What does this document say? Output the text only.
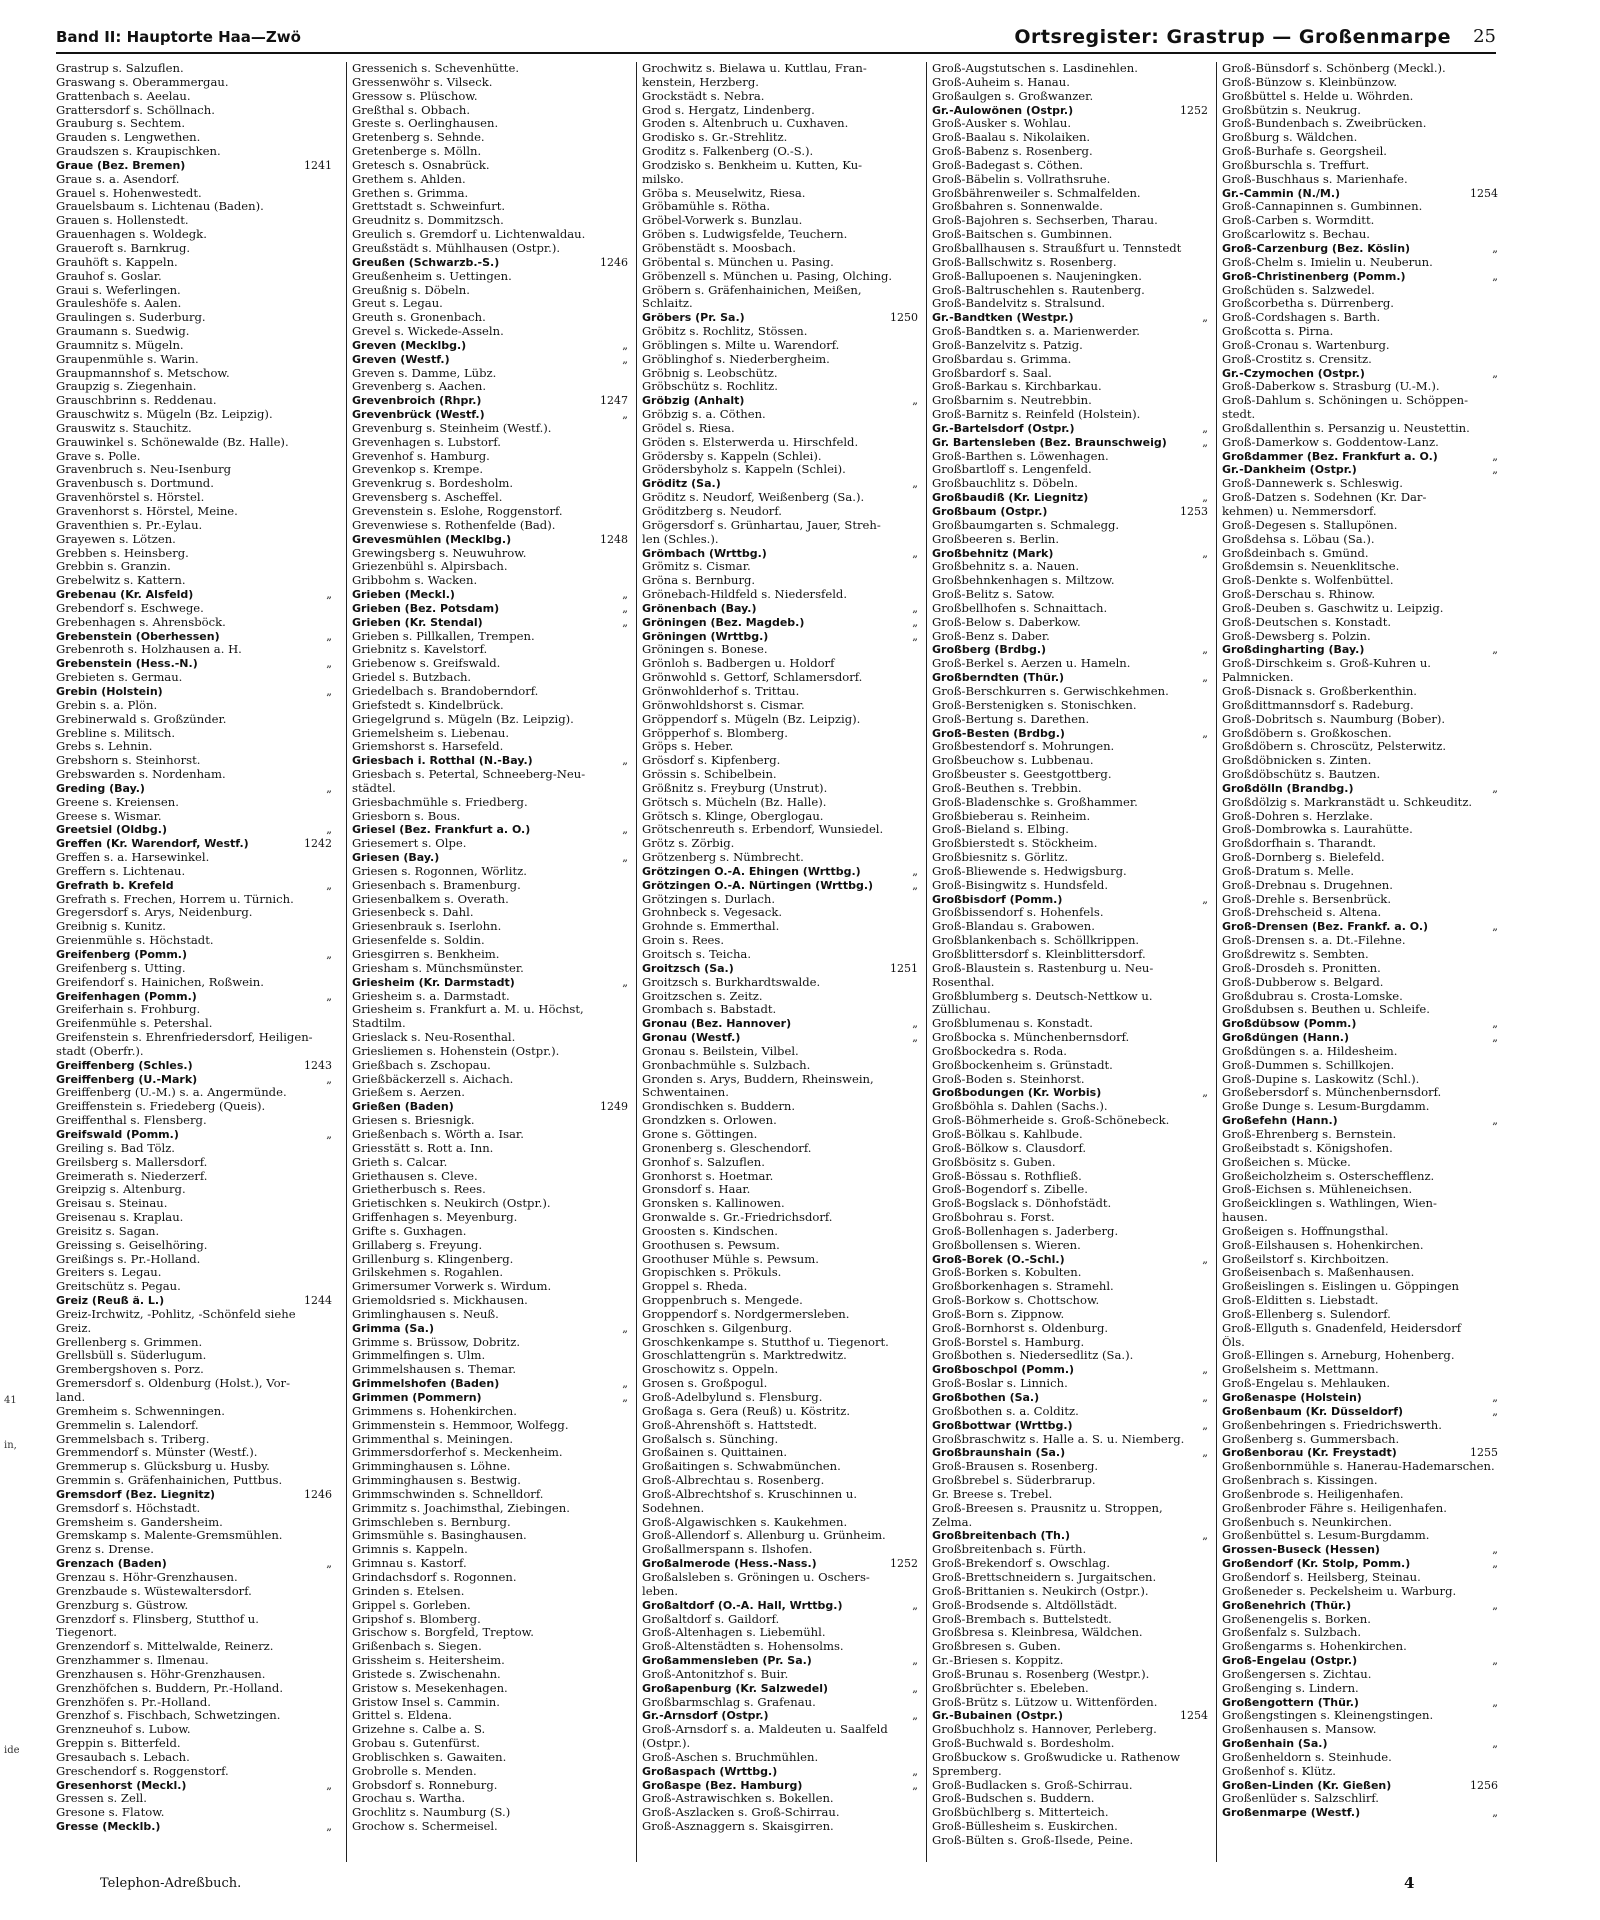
Band II: Hauptorte Haa—Zwö	Ortsregister: Grastrup — Großenmarpe 25
41
in,
ide
Grastrup s. Salzuflen.
Graswang s. Oberammergau.
Grattenbach s. Aeelau.
Grattersdorf s. Schöllnach.
Grauburg s. Sechtem.
Grauden s. Lengwethen.
Graudszen s. Kraupischken.
1241
Graue (Bez. Bremen)
Graue s. a. Asendorf.
Grauel s. Hohenwestedt.
Grauelsbaum s. Lichtenau (Baden).
Grauen s. Hollenstedt.
Grauenhagen s. Woldegk.
Graueroft s. Barnkrug.
Grauhöft s. Kappeln.
Grauhof s. Goslar.
Graui s. Weferlingen.
Grauleshöfe s. Aalen.
Graulingen s. Suderburg.
Graumann s. Suedwig.
Graumnitz s. Mügeln.
Graupenmühle s. Warin.
Graupmannshof s. Metschow.
Graupzig s. Ziegenhain.
Grauschbrinn s. Reddenau.
Grauschwitz s. Mügeln (Bz. Leipzig).
Grauswitz s. Stauchitz.
Grauwinkel s. Schönewalde (Bz. Halle).
Grave s. Polle.
Gravenbruch s. Neu-Isenburg
Gravenbusch s. Dortmund.
Gravenhörstel s. Hörstel.
Gravenhorst s. Hörstel, Meine.
Graventhien s. Pr.-Eylau.
Grayewen s. Lötzen.
Grebben s. Heinsberg.
Grebbin s. Granzin.
Grebelwitz s. Kattern.
„
Grebenau (Kr. Alsfeld)
Grebendorf s. Eschwege.
Grebenhagen s. Ahrensböck.
„
Grebenstein (Oberhessen)
Grebenroth s. Holzhausen a. H.
„
Grebenstein (Hess.-N.)
Grebieten s. Germau.
„
Grebin (Holstein)
Grebin s. a. Plön.
Grebinerwald s. Großzünder.
Grebline s. Militsch.
Grebs s. Lehnin.
Grebshorn s. Steinhorst.
Grebswarden s. Nordenham.
„
Greding (Bay.)
Greene s. Kreiensen.
Greese s. Wismar.
„
Greetsiel (Oldbg.)
1242
Greffen (Kr. Warendorf, Westf.)
Greffen s. a. Harsewinkel.
Greffern s. Lichtenau.
„
Grefrath b. Krefeld
Grefrath s. Frechen, Horrem u. Türnich.
Gregersdorf s. Arys, Neidenburg.
Greibnig s. Kunitz.
Greienmühle s. Höchstadt.
„
Greifenberg (Pomm.)
Greifenberg s. Utting.
Greifendorf s. Hainichen, Roßwein.
„
Greifenhagen (Pomm.)
Greiferhain s. Frohburg.
Greifenmühle s. Petershal.
Greifenstein s. Ehrenfriedersdorf, Heiligen-
stadt (Oberfr.).
1243
Greiffenberg (Schles.)
„
Greiffenberg (U.-Mark)
Greiffenberg (U.-M.) s. a. Angermünde.
Greiffenstein s. Friedeberg (Queis).
Greiffenthal s. Flensberg.
„
Greifswald (Pomm.)
Greiling s. Bad Tölz.
Greilsberg s. Mallersdorf.
Greimerath s. Niederzerf.
Greipzig s. Altenburg.
Greisau s. Steinau.
Greisenau s. Kraplau.
Greisitz s. Sagan.
Greissing s. Geiselhöring.
Greißings s. Pr.-Holland.
Greiters s. Legau.
Greitschütz s. Pegau.
1244
Greiz (Reuß ä. L.)
Greiz-Irchwitz, -Pohlitz, -Schönfeld siehe
Greiz.
Grellenberg s. Grimmen.
Grellsbüll s. Süderlugum.
Grembergshoven s. Porz.
Gremersdorf s. Oldenburg (Holst.), Vor-
land.
Gremheim s. Schwenningen.
Gremmelin s. Lalendorf.
Gremmelsbach s. Triberg.
Gremmendorf s. Münster (Westf.).
Gremmerup s. Glücksburg u. Husby.
Gremmin s. Gräfenhainichen, Puttbus.
1246
Gremsdorf (Bez. Liegnitz)
Gremsdorf s. Höchstadt.
Gremsheim s. Gandersheim.
Gremskamp s. Malente-Gremsmühlen.
Grenz s. Drense.
„
Grenzach (Baden)
Grenzau s. Höhr-Grenzhausen.
Grenzbaude s. Wüstewaltersdorf.
Grenzburg s. Güstrow.
Grenzdorf s. Flinsberg, Stutthof u.
Tiegenort.
Grenzendorf s. Mittelwalde, Reinerz.
Grenzhammer s. Ilmenau.
Grenzhausen s. Höhr-Grenzhausen.
Grenzhöfchen s. Buddern, Pr.-Holland.
Grenzhöfen s. Pr.-Holland.
Grenzhof s. Fischbach, Schwetzingen.
Grenzneuhof s. Lubow.
Greppin s. Bitterfeld.
Gresaubach s. Lebach.
Greschendorf s. Roggenstorf.
„
Gresenhorst (Meckl.)
Gressen s. Zell.
Gresone s. Flatow.
„
Gresse (Mecklb.)
Gressenich s. Schevenhütte.
Gressenwöhr s. Vilseck.
Gressow s. Plüschow.
Greßthal s. Obbach.
Greste s. Oerlinghausen.
Gretenberg s. Sehnde.
Gretenberge s. Mölln.
Gretesch s. Osnabrück.
Grethem s. Ahlden.
Grethen s. Grimma.
Grettstadt s. Schweinfurt.
Greudnitz s. Dommitzsch.
Greulich s. Gremdorf u. Lichtenwaldau.
Greußstädt s. Mühlhausen (Ostpr.).
1246
Greußen (Schwarzb.-S.)
Greußenheim s. Uettingen.
Greußnig s. Döbeln.
Greut s. Legau.
Greuth s. Gronenbach.
Grevel s. Wickede-Asseln.
„
Greven (Mecklbg.)
„
Greven (Westf.)
Greven s. Damme, Lübz.
Grevenberg s. Aachen.
1247
Grevenbroich (Rhpr.)
„
Grevenbrück (Westf.)
Grevenburg s. Steinheim (Westf.).
Grevenhagen s. Lubstorf.
Grevenhof s. Hamburg.
Grevenkop s. Krempe.
Grevenkrug s. Bordesholm.
Grevensberg s. Ascheffel.
Grevenstein s. Eslohe, Roggenstorf.
Grevenwiese s. Rothenfelde (Bad).
1248
Grevesmühlen (Mecklbg.)
Grewingsberg s. Neuwuhrow.
Griezenbühl s. Alpirsbach.
Gribbohm s. Wacken.
„
Grieben (Meckl.)
„
Grieben (Bez. Potsdam)
„
Grieben (Kr. Stendal)
Grieben s. Pillkallen, Trempen.
Griebnitz s. Kavelstorf.
Griebenow s. Greifswald.
Griedel s. Butzbach.
Griedelbach s. Brandoberndorf.
Griefstedt s. Kindelbrück.
Griegelgrund s. Mügeln (Bz. Leipzig).
Griemelsheim s. Liebenau.
Griemshorst s. Harsefeld.
„
Griesbach i. Rotthal (N.-Bay.)
Griesbach s. Petertal, Schneeberg-Neu-
städtel.
Griesbachmühle s. Friedberg.
Griesborn s. Bous.
„
Griesel (Bez. Frankfurt a. O.)
Griesemert s. Olpe.
„
Griesen (Bay.)
Griesen s. Rogonnen, Wörlitz.
Griesenbach s. Bramenburg.
Griesenbalkem s. Overath.
Griesenbeck s. Dahl.
Griesenbrauk s. Iserlohn.
Griesenfelde s. Soldin.
Griesgirren s. Benkheim.
Griesham s. Münchsmünster.
„
Griesheim (Kr. Darmstadt)
Griesheim s. a. Darmstadt.
Griesheim s. Frankfurt a. M. u. Höchst,
Stadtilm.
Grieslack s. Neu-Rosenthal.
Griesliemen s. Hohenstein (Ostpr.).
Grießbach s. Zschopau.
Grießbäckerzell s. Aichach.
Grießem s. Aerzen.
1249
Grießen (Baden)
Griesen s. Briesnigk.
Grießenbach s. Wörth a. Isar.
Griesstätt s. Rott a. Inn.
Grieth s. Calcar.
Griethausen s. Cleve.
Grietherbusch s. Rees.
Grietischken s. Neukirch (Ostpr.).
Griffenhagen s. Meyenburg.
Grifte s. Guxhagen.
Grillaberg s. Freyung.
Grillenburg s. Klingenberg.
Grilskehmen s. Rogahlen.
Grimersumer Vorwerk s. Wirdum.
Griemoldsried s. Mickhausen.
Grimlinghausen s. Neuß.
„
Grimma (Sa.)
Grimme s. Brüssow, Dobritz.
Grimmelfingen s. Ulm.
Grimmelshausen s. Themar.
„
Grimmelshofen (Baden)
„
Grimmen (Pommern)
Grimmens s. Hohenkirchen.
Grimmenstein s. Hemmoor, Wolfegg.
Grimmenthal s. Meiningen.
Grimmersdorferhof s. Meckenheim.
Grimminghausen s. Löhne.
Grimminghausen s. Bestwig.
Grimmschwinden s. Schnelldorf.
Grimmitz s. Joachimsthal, Ziebingen.
Grimschleben s. Bernburg.
Grimsmühle s. Basinghausen.
Grimnis s. Kappeln.
Grimnau s. Kastorf.
Grindachsdorf s. Rogonnen.
Grinden s. Etelsen.
Grippel s. Gorleben.
Gripshof s. Blomberg.
Grischow s. Borgfeld, Treptow.
Grißenbach s. Siegen.
Grissheim s. Heitersheim.
Gristede s. Zwischenahn.
Gristow s. Mesekenhagen.
Gristow Insel s. Cammin.
Grittel s. Eldena.
Grizehne s. Calbe a. S.
Grobau s. Gutenfürst.
Groblischken s. Gawaiten.
Grobrolle s. Menden.
Grobsdorf s. Ronneburg.
Grochau s. Wartha.
Grochlitz s. Naumburg (S.)
Grochow s. Schermeisel.
Grochwitz s. Bielawa u. Kuttlau, Fran-
kenstein, Herzberg.
Grockstädt s. Nebra.
Grod s. Hergatz, Lindenberg.
Groden s. Altenbruch u. Cuxhaven.
Grodisko s. Gr.-Strehlitz.
Groditz s. Falkenberg (O.-S.).
Grodzisko s. Benkheim u. Kutten, Ku-
milsko.
Gröba s. Meuselwitz, Riesa.
Gröbamühle s. Rötha.
Gröbel-Vorwerk s. Bunzlau.
Gröben s. Ludwigsfelde, Teuchern.
Gröbenstädt s. Moosbach.
Gröbental s. München u. Pasing.
Gröbenzell s. München u. Pasing, Olching.
Gröbern s. Gräfenhainichen, Meißen,
Schlaitz.
1250
Gröbers (Pr. Sa.)
Gröbitz s. Rochlitz, Stössen.
Gröblingen s. Milte u. Warendorf.
Gröblinghof s. Niederbergheim.
Gröbnig s. Leobschütz.
Gröbschütz s. Rochlitz.
„
Gröbzig (Anhalt)
Gröbzig s. a. Cöthen.
Grödel s. Riesa.
Gröden s. Elsterwerda u. Hirschfeld.
Grödersby s. Kappeln (Schlei).
Grödersbyholz s. Kappeln (Schlei).
„
Gröditz (Sa.)
Gröditz s. Neudorf, Weißenberg (Sa.).
Gröditzberg s. Neudorf.
Grögersdorf s. Grünhartau, Jauer, Streh-
len (Schles.).
„
Grömbach (Wrttbg.)
Grömitz s. Cismar.
Gröna s. Bernburg.
Grönebach-Hildfeld s. Niedersfeld.
„
Grönenbach (Bay.)
„
Gröningen (Bez. Magdeb.)
„
Gröningen (Wrttbg.)
Gröningen s. Bonese.
Grönloh s. Badbergen u. Holdorf
Grönwohld s. Gettorf, Schlamersdorf.
Grönwohlderhof s. Trittau.
Grönwohldshorst s. Cismar.
Gröppendorf s. Mügeln (Bz. Leipzig).
Gröpperhof s. Blomberg.
Gröps s. Heber.
Grösdorf s. Kipfenberg.
Grössin s. Schibelbein.
Größnitz s. Freyburg (Unstrut).
Grötsch s. Mücheln (Bz. Halle).
Grötsch s. Klinge, Oberglogau.
Grötschenreuth s. Erbendorf, Wunsiedel.
Grötz s. Zörbig.
Grötzenberg s. Nümbrecht.
„
Grötzingen O.-A. Ehingen (Wrttbg.)
„
Grötzingen O.-A. Nürtingen (Wrttbg.)
Grötzingen s. Durlach.
Grohnbeck s. Vegesack.
Grohnde s. Emmerthal.
Groin s. Rees.
Groitsch s. Teicha.
1251
Groitzsch (Sa.)
Groitzsch s. Burkhardtswalde.
Groitzschen s. Zeitz.
Grombach s. Babstadt.
„
Gronau (Bez. Hannover)
„
Gronau (Westf.)
Gronau s. Beilstein, Vilbel.
Gronbachmühle s. Sulzbach.
Gronden s. Arys, Buddern, Rheinswein,
Schwentainen.
Grondischken s. Buddern.
Grondzken s. Orlowen.
Grone s. Göttingen.
Gronenberg s. Gleschendorf.
Gronhof s. Salzuflen.
Gronhorst s. Hoetmar.
Gronsdorf s. Haar.
Gronsken s. Kallinowen.
Gronwalde s. Gr.-Friedrichsdorf.
Groosten s. Kindschen.
Groothusen s. Pewsum.
Groothuser Mühle s. Pewsum.
Gropischken s. Prökuls.
Groppel s. Rheda.
Groppenbruch s. Mengede.
Groppendorf s. Nordgermersleben.
Groschken s. Gilgenburg.
Groschkenkampe s. Stutthof u. Tiegenort.
Groschlattengrün s. Marktredwitz.
Groschowitz s. Oppeln.
Grosen s. Großpogul.
Groß-Adelbylund s. Flensburg.
Großaga s. Gera (Reuß) u. Köstritz.
Groß-Ahrenshöft s. Hattstedt.
Großalsch s. Sünching.
Großainen s. Quittainen.
Großaitingen s. Schwabmünchen.
Groß-Albrechtau s. Rosenberg.
Groß-Albrechtshof s. Kruschinnen u.
Sodehnen.
Groß-Algawischken s. Kaukehmen.
Groß-Allendorf s. Allenburg u. Grünheim.
Großallmerspann s. Ilshofen.
1252
Großalmerode (Hess.-Nass.)
Großalsleben s. Gröningen u. Oschers-
leben.
„
Großaltdorf (O.-A. Hall, Wrttbg.)
Großaltdorf s. Gaildorf.
Groß-Altenhagen s. Liebemühl.
Groß-Altenstädten s. Hohensolms.
„
Großammensleben (Pr. Sa.)
Groß-Antonitzhof s. Buir.
„
Großapenburg (Kr. Salzwedel)
Großbarmschlag s. Grafenau.
„
Gr.-Arnsdorf (Ostpr.)
Groß-Arnsdorf s. a. Maldeuten u. Saalfeld
(Ostpr.).
Groß-Aschen s. Bruchmühlen.
„
Großaspach (Wrttbg.)
„
Großaspe (Bez. Hamburg)
Groß-Astrawischken s. Bokellen.
Groß-Aszlacken s. Groß-Schirrau.
Groß-Asznaggern s. Skaisgirren.
Groß-Augstutschen s. Lasdinehlen.
Groß-Auheim s. Hanau.
Großaulgen s. Großwanzer.
1252
Gr.-Aulowönen (Ostpr.)
Groß-Ausker s. Wohlau.
Groß-Baalau s. Nikolaiken.
Groß-Babenz s. Rosenberg.
Groß-Badegast s. Cöthen.
Groß-Bäbelin s. Vollrathsruhe.
Großbährenweiler s. Schmalfelden.
Großbahren s. Sonnenwalde.
Groß-Bajohren s. Sechserben, Tharau.
Groß-Baitschen s. Gumbinnen.
Großballhausen s. Straußfurt u. Tennstedt
Groß-Ballschwitz s. Rosenberg.
Groß-Ballupoenen s. Naujeningken.
Groß-Baltruschehlen s. Rautenberg.
Groß-Bandelvitz s. Stralsund.
„
Gr.-Bandtken (Westpr.)
Groß-Bandtken s. a. Marienwerder.
Groß-Banzelvitz s. Patzig.
Großbardau s. Grimma.
Großbardorf s. Saal.
Groß-Barkau s. Kirchbarkau.
Großbarnim s. Neutrebbin.
Groß-Barnitz s. Reinfeld (Holstein).
„
Gr.-Bartelsdorf (Ostpr.)
„
Gr. Bartensleben (Bez. Braunschweig)
Groß-Barthen s. Löwenhagen.
Großbartloff s. Lengenfeld.
Großbauchlitz s. Döbeln.
„
Großbaudiß (Kr. Liegnitz)
1253
Großbaum (Ostpr.)
Großbaumgarten s. Schmalegg.
Großbeeren s. Berlin.
„
Großbehnitz (Mark)
Großbehnitz s. a. Nauen.
Großbehnkenhagen s. Miltzow.
Groß-Belitz s. Satow.
Großbellhofen s. Schnaittach.
Groß-Below s. Daberkow.
Groß-Benz s. Daber.
„
Großberg (Brdbg.)
Groß-Berkel s. Aerzen u. Hameln.
„
Großberndten (Thür.)
Groß-Berschkurren s. Gerwischkehmen.
Groß-Berstenigken s. Stonischken.
Groß-Bertung s. Darethen.
„
Groß-Besten (Brdbg.)
Großbestendorf s. Mohrungen.
Großbeuchow s. Lubbenau.
Großbeuster s. Geestgottberg.
Groß-Beuthen s. Trebbin.
Groß-Bladenschke s. Großhammer.
Großbieberau s. Reinheim.
Groß-Bieland s. Elbing.
Großbierstedt s. Stöckheim.
Großbiesnitz s. Görlitz.
Groß-Bliewende s. Hedwigsburg.
Groß-Bisingwitz s. Hundsfeld.
„
Großbisdorf (Pomm.)
Großbissendorf s. Hohenfels.
Groß-Blandau s. Grabowen.
Großblankenbach s. Schöllkrippen.
Großblittersdorf s. Kleinblittersdorf.
Groß-Blaustein s. Rastenburg u. Neu-
Rosenthal.
Großblumberg s. Deutsch-Nettkow u.
Züllichau.
Großblumenau s. Konstadt.
Großbocka s. Münchenbernsdorf.
Großbockedra s. Roda.
Großbockenheim s. Grünstadt.
Groß-Boden s. Steinhorst.
„
Großbodungen (Kr. Worbis)
Großböhla s. Dahlen (Sachs.).
Groß-Böhmerheide s. Groß-Schönebeck.
Groß-Bölkau s. Kahlbude.
Groß-Bölkow s. Clausdorf.
Großbösitz s. Guben.
Groß-Bössau s. Rothfließ.
Groß-Bogendorf s. Zibelle.
Groß-Bogslack s. Dönhofstädt.
Großbohrau s. Forst.
Groß-Bollenhagen s. Jaderberg.
Großbollensen s. Wieren.
„
Groß-Borek (O.-Schl.)
Groß-Borken s. Kobulten.
Großborkenhagen s. Stramehl.
Groß-Borkow s. Chottschow.
Groß-Born s. Zippnow.
Groß-Bornhorst s. Oldenburg.
Groß-Borstel s. Hamburg.
Großbothen s. Niedersedlitz (Sa.).
„
Großboschpol (Pomm.)
Groß-Boslar s. Linnich.
„
Großbothen (Sa.)
Großbothen s. a. Colditz.
„
Großbottwar (Wrttbg.)
Großbraschwitz s. Halle a. S. u. Niemberg.
„
Großbraunshain (Sa.)
Groß-Brausen s. Rosenberg.
Großbrebel s. Süderbrarup.
Gr. Breese s. Trebel.
Groß-Breesen s. Prausnitz u. Stroppen,
Zelma.
„
Großbreitenbach (Th.)
Großbreitenbach s. Fürth.
Groß-Brekendorf s. Owschlag.
Groß-Brettschneidern s. Jurgaitschen.
Groß-Brittanien s. Neukirch (Ostpr.).
Groß-Brodsende s. Altdöllstädt.
Groß-Brembach s. Buttelstedt.
Großbresa s. Kleinbresa, Wäldchen.
Großbresen s. Guben.
Gr.-Briesen s. Koppitz.
Groß-Brunau s. Rosenberg (Westpr.).
Großbrüchter s. Ebeleben.
Groß-Brütz s. Lützow u. Wittenförden.
1254
Gr.-Bubainen (Ostpr.)
Großbuchholz s. Hannover, Perleberg.
Groß-Buchwald s. Bordesholm.
Großbuckow s. Großwudicke u. Rathenow
Spremberg.
Groß-Budlacken s. Groß-Schirrau.
Groß-Budschen s. Buddern.
Großbüchlberg s. Mitterteich.
Groß-Büllesheim s. Euskirchen.
Groß-Bülten s. Groß-Ilsede, Peine.
Groß-Bünsdorf s. Schönberg (Meckl.).
Groß-Bünzow s. Kleinbünzow.
Großbüttel s. Helde u. Wöhrden.
Großbützin s. Neukrug.
Groß-Bundenbach s. Zweibrücken.
Großburg s. Wäldchen.
Groß-Burhafe s. Georgsheil.
Großburschla s. Treffurt.
Groß-Buschhaus s. Marienhafe.
1254
Gr.-Cammin (N./M.)
Groß-Cannapinnen s. Gumbinnen.
Groß-Carben s. Wormditt.
Großcarlowitz s. Bechau.
„
Groß-Carzenburg (Bez. Köslin)
Groß-Chelm s. Imielin u. Neuberun.
„
Groß-Christinenberg (Pomm.)
Großchüden s. Salzwedel.
Großcorbetha s. Dürrenberg.
Groß-Cordshagen s. Barth.
Großcotta s. Pirna.
Groß-Cronau s. Wartenburg.
Groß-Crostitz s. Crensitz.
„
Gr.-Czymochen (Ostpr.)
Groß-Daberkow s. Strasburg (U.-M.).
Groß-Dahlum s. Schöningen u. Schöppen-
stedt.
Großdallenthin s. Persanzig u. Neustettin.
Groß-Damerkow s. Goddentow-Lanz.
„
Großdammer (Bez. Frankfurt a. O.)
„
Gr.-Dankheim (Ostpr.)
Groß-Dannewerk s. Schleswig.
Groß-Datzen s. Sodehnen (Kr. Dar-
kehmen) u. Nemmersdorf.
Groß-Degesen s. Stallupönen.
Großdehsa s. Löbau (Sa.).
Großdeinbach s. Gmünd.
Großdemsin s. Neuenklitsche.
Groß-Denkte s. Wolfenbüttel.
Groß-Derschau s. Rhinow.
Groß-Deuben s. Gaschwitz u. Leipzig.
Groß-Deutschen s. Konstadt.
Groß-Dewsberg s. Polzin.
„
Großdingharting (Bay.)
Groß-Dirschkeim s. Groß-Kuhren u.
Palmnicken.
Groß-Disnack s. Großberkenthin.
Großdittmannsdorf s. Radeburg.
Groß-Dobritsch s. Naumburg (Bober).
Großdöbern s. Großkoschen.
Großdöbern s. Chroscütz, Pelsterwitz.
Großdöbnicken s. Zinten.
Großdöbschütz s. Bautzen.
„
Großdölln (Brandbg.)
Großdölzig s. Markranstädt u. Schkeuditz.
Groß-Dohren s. Herzlake.
Groß-Dombrowka s. Laurahütte.
Großdorfhain s. Tharandt.
Groß-Dornberg s. Bielefeld.
Groß-Dratum s. Melle.
Groß-Drebnau s. Drugehnen.
Groß-Drehle s. Bersenbrück.
Groß-Drehscheid s. Altena.
„
Groß-Drensen (Bez. Frankf. a. O.)
Groß-Drensen s. a. Dt.-Filehne.
Großdrewitz s. Sembten.
Groß-Drosdeh s. Pronitten.
Groß-Dubberow s. Belgard.
Großdubrau s. Crosta-Lomske.
Großdubsen s. Beuthen u. Schleife.
„
Großdübsow (Pomm.)
„
Großdüngen (Hann.)
Großdüngen s. a. Hildesheim.
Groß-Dummen s. Schillkojen.
Groß-Dupine s. Laskowitz (Schl.).
Großebersdorf s. Münchenbernsdorf.
Große Dunge s. Lesum-Burgdamm.
„
Großefehn (Hann.)
Groß-Ehrenberg s. Bernstein.
Großeibstadt s. Königshofen.
Großeichen s. Mücke.
Großeicholzheim s. Osterschefflenz.
Groß-Eichsen s. Mühleneichsen.
Großeicklingen s. Wathlingen, Wien-
hausen.
Großeigen s. Hoffnungsthal.
Groß-Eilshausen s. Hohenkirchen.
Großeilstorf s. Kirchboitzen.
Großeisenbach s. Maßenhausen.
Großeislingen s. Eislingen u. Göppingen
Groß-Elditten s. Liebstadt.
Groß-Ellenberg s. Sulendorf.
Groß-Ellguth s. Gnadenfeld, Heidersdorf
Öls.
Groß-Ellingen s. Arneburg, Hohenberg.
Großelsheim s. Mettmann.
Groß-Engelau s. Mehlauken.
„
Großenaspe (Holstein)
„
Großenbaum (Kr. Düsseldorf)
Großenbehringen s. Friedrichswerth.
Großenberg s. Gummersbach.
1255
Großenborau (Kr. Freystadt)
Großenbornmühle s. Hanerau-Hademarschen.
Großenbrach s. Kissingen.
Großenbrode s. Heiligenhafen.
Großenbroder Fähre s. Heiligenhafen.
Großenbuch s. Neunkirchen.
Großenbüttel s. Lesum-Burgdamm.
„
Grossen-Buseck (Hessen)
„
Großendorf (Kr. Stolp, Pomm.)
Großendorf s. Heilsberg, Steinau.
Großeneder s. Peckelsheim u. Warburg.
„
Großenehrich (Thür.)
Großenengelis s. Borken.
Großenfalz s. Sulzbach.
Großengarms s. Hohenkirchen.
„
Groß-Engelau (Ostpr.)
Großengersen s. Zichtau.
Großenging s. Lindern.
„
Großengottern (Thür.)
Großengstingen s. Kleinengstingen.
Großenhausen s. Mansow.
„
Großenhain (Sa.)
Großenheldorn s. Steinhude.
Großenhof s. Klütz.
1256
Großen-Linden (Kr. Gießen)
Großenlüder s. Salzschlirf.
„
Großenmarpe (Westf.)
Telephon-Adreßbuch.	4
